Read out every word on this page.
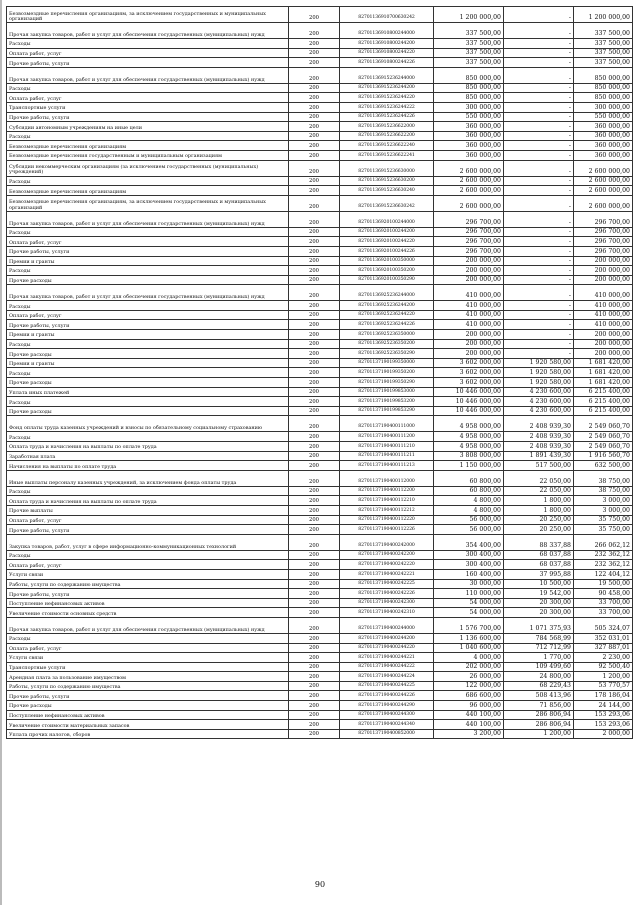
Безвозмездные перечисления организациям, за исключением государственных и муниципальных организаций	200	82701136910700630242	1 200 000,00	-	1 200 000,00
Прочая закупка товаров, работ и услуг для обеспечения государственных (муниципальных) нужд	200	82701136910800244000	337 500,00	-	337 500,00
Расходы	200	82701136910800244200	337 500,00	-	337 500,00
Оплата работ, услуг	200	82701136910800244220	337 500,00	-	337 500,00
Прочие работы, услуги	200	82701136910800244226	337 500,00	-	337 500,00
Прочая закупка товаров, работ и услуг для обеспечения государственных (муниципальных) нужд	200	82701136915236244000	850 000,00	-	850 000,00
Расходы	200	82701136915236244200	850 000,00	-	850 000,00
Оплата работ, услуг	200	82701136915236244220	850 000,00	-	850 000,00
Транспортные услуги	200	82701136915236244222	300 000,00	-	300 000,00
Прочие работы, услуги	200	82701136915236244226	550 000,00	-	550 000,00
Субсидии автономным учреждениям на иные цели	200	82701136915236622000	360 000,00	-	360 000,00
Расходы	200	82701136915236622200	360 000,00	-	360 000,00
Безвозмездные перечисления организациям	200	82701136915236622240	360 000,00	-	360 000,00
Безвозмездные перечисления государственным и муниципальным организациям	200	82701136915236622241	360 000,00	-	360 000,00
Субсидии некоммерческим организациям (за исключением государственных (муниципальных) учреждений)	200	82701136915236630000	2 600 000,00	-	2 600 000,00
Расходы	200	82701136915236630200	2 600 000,00	-	2 600 000,00
Безвозмездные перечисления организациям	200	82701136915236630240	2 600 000,00	-	2 600 000,00
Безвозмездные перечисления организациям, за исключением государственных и муниципальных организаций	200	82701136915236630242	2 600 000,00	-	2 600 000,00
Прочая закупка товаров, работ и услуг для обеспечения государственных (муниципальных) нужд	200	82701136920100244000	296 700,00	-	296 700,00
Расходы	200	82701136920100244200	296 700,00	-	296 700,00
Оплата работ, услуг	200	82701136920100244220	296 700,00	-	296 700,00
Прочие работы, услуги	200	82701136920100244226	296 700,00	-	296 700,00
Премии и гранты	200	82701136920100350000	200 000,00	-	200 000,00
Расходы	200	82701136920100350200	200 000,00	-	200 000,00
Прочие расходы	200	82701136920100350290	200 000,00	-	200 000,00
Прочая закупка товаров, работ и услуг для обеспечения государственных (муниципальных) нужд	200	82701136925236244000	410 000,00	-	410 000,00
Расходы	200	82701136925236244200	410 000,00	-	410 000,00
Оплата работ, услуг	200	82701136925236244220	410 000,00	-	410 000,00
Прочие работы, услуги	200	82701136925236244226	410 000,00	-	410 000,00
Премии и гранты	200	82701136925236350000	200 000,00	-	200 000,00
Расходы	200	82701136925236350200	200 000,00	-	200 000,00
Прочие расходы	200	82701136925236350290	200 000,00	-	200 000,00
Премии и гранты	200	82701137190199350000	3 602 000,00	1 920 580,00	1 681 420,00
Расходы	200	82701137190199350200	3 602 000,00	1 920 580,00	1 681 420,00
Прочие расходы	200	82701137190199350290	3 602 000,00	1 920 580,00	1 681 420,00
Уплата иных платежей	200	82701137190199853000	10 446 000,00	4 230 600,00	6 215 400,00
Расходы	200	82701137190199853200	10 446 000,00	4 230 600,00	6 215 400,00
Прочие расходы	200	82701137190199853290	10 446 000,00	4 230 600,00	6 215 400,00
Фонд оплаты труда казенных учреждений и взносы по обязательному социальному страхованию	200	82701137190400111000	4 958 000,00	2 408 939,30	2 549 060,70
Расходы	200	82701137190400111200	4 958 000,00	2 408 939,30	2 549 060,70
Оплата труда и начисления на выплаты по оплате труда	200	82701137190400111210	4 958 000,00	2 408 939,30	2 549 060,70
Заработная плата	200	82701137190400111211	3 808 000,00	1 891 439,30	1 916 560,70
Начисления на выплаты по оплате труда	200	82701137190400111213	1 150 000,00	517 500,00	632 500,00
Иные выплаты персоналу казенных учреждений, за исключением фонда оплаты труда	200	82701137190400112000	60 800,00	22 050,00	38 750,00
Расходы	200	82701137190400112200	60 800,00	22 050,00	38 750,00
Оплата труда и начисления на выплаты по оплате труда	200	82701137190400112210	4 800,00	1 800,00	3 000,00
Прочие выплаты	200	82701137190400112212	4 800,00	1 800,00	3 000,00
Оплата работ, услуг	200	82701137190400112220	56 000,00	20 250,00	35 750,00
Прочие работы, услуги	200	82701137190400112226	56 000,00	20 250,00	35 750,00
Закупка товаров, работ, услуг в сфере информационно-коммуникационных технологий	200	82701137190400242000	354 400,00	88 337,88	266 062,12
Расходы	200	82701137190400242200	300 400,00	68 037,88	232 362,12
Оплата работ, услуг	200	82701137190400242220	300 400,00	68 037,88	232 362,12
Услуги связи	200	82701137190400242221	160 400,00	37 995,88	122 404,12
Работы, услуги по содержанию имущества	200	82701137190400242225	30 000,00	10 500,00	19 500,00
Прочие работы, услуги	200	82701137190400242226	110 000,00	19 542,00	90 458,00
Поступление нефинансовых активов	200	82701137190400242300	54 000,00	20 300,00	33 700,00
Увеличение стоимости основных средств	200	82701137190400242310	54 000,00	20 300,00	33 700,00
Прочая закупка товаров, работ и услуг для обеспечения государственных (муниципальных) нужд	200	82701137190400244000	1 576 700,00	1 071 375,93	505 324,07
Расходы	200	82701137190400244200	1 136 600,00	784 568,99	352 031,01
Оплата работ, услуг	200	82701137190400244220	1 040 600,00	712 712,99	327 887,01
Услуги связи	200	82701137190400244221	4 000,00	1 770,00	2 230,00
Транспортные услуги	200	82701137190400244222	202 000,00	109 499,60	92 500,40
Арендная плата за пользование имуществом	200	82701137190400244224	26 000,00	24 800,00	1 200,00
Работы, услуги по содержанию имущества	200	82701137190400244225	122 000,00	68 229,43	53 770,57
Прочие работы, услуги	200	82701137190400244226	686 600,00	508 413,96	178 186,04
Прочие расходы	200	82701137190400244290	96 000,00	71 856,00	24 144,00
Поступление нефинансовых активов	200	82701137190400244300	440 100,00	286 806,94	153 293,06
Увеличение стоимости материальных запасов	200	82701137190400244340	440 100,00	286 806,94	153 293,06
Уплата прочих налогов, сборов	200	82701137190400852000	3 200,00	1 200,00	2 000,00
90
